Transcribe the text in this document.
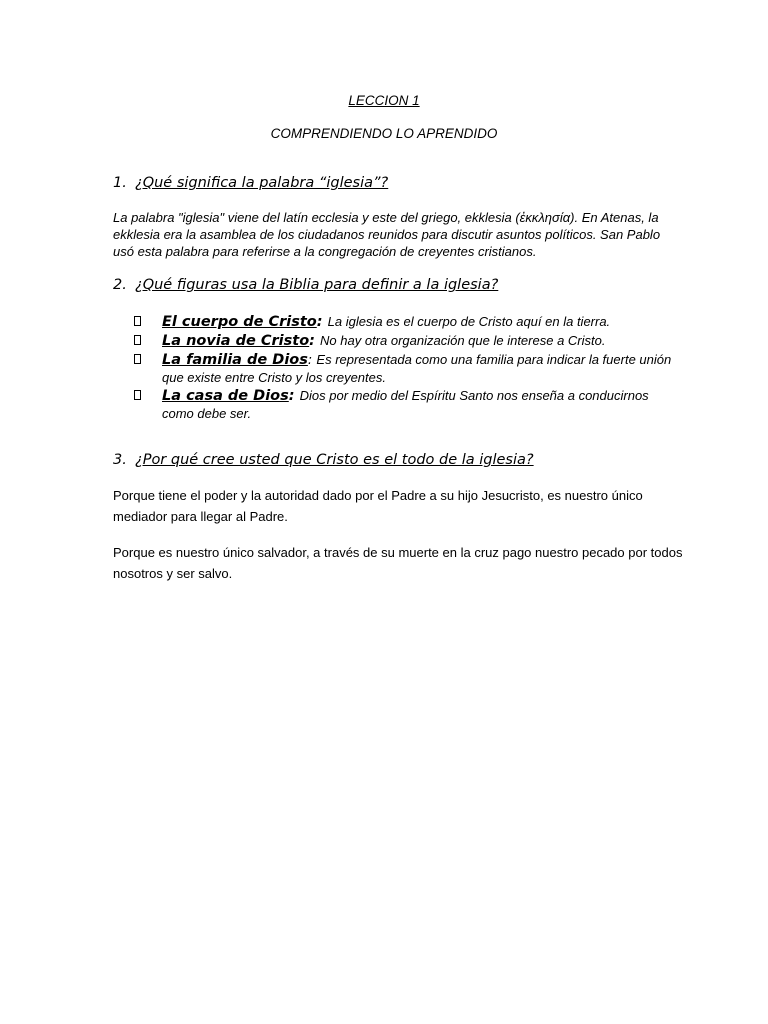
LECCION 1
COMPRENDIENDO LO APRENDIDO
1. ¿Qué significa la palabra “iglesia”?
La palabra "iglesia" viene del latín ecclesia y este del griego, ekklesia (ἐκκλησία). En Atenas, la ekklesia era la asamblea de los ciudadanos reunidos para discutir asuntos políticos. San Pablo usó esta palabra para referirse a la congregación de creyentes cristianos.
2. ¿Qué figuras usa la Biblia para definir a la iglesia?
El cuerpo de Cristo: La iglesia es el cuerpo de Cristo aquí en la tierra.
La novia de Cristo: No hay otra organización que le interese a Cristo.
La familia de Dios: Es representada como una familia para indicar la fuerte unión que existe entre Cristo y los creyentes.
La casa de Dios: Dios por medio del Espíritu Santo nos enseña a conducirnos como debe ser.
3. ¿Por qué cree usted que Cristo es el todo de la iglesia?
Porque tiene el poder y la autoridad dado por el Padre a su hijo Jesucristo, es nuestro único mediador para llegar al Padre.
Porque es nuestro único salvador, a través de su muerte en la cruz pago nuestro pecado por todos nosotros y ser salvo.
